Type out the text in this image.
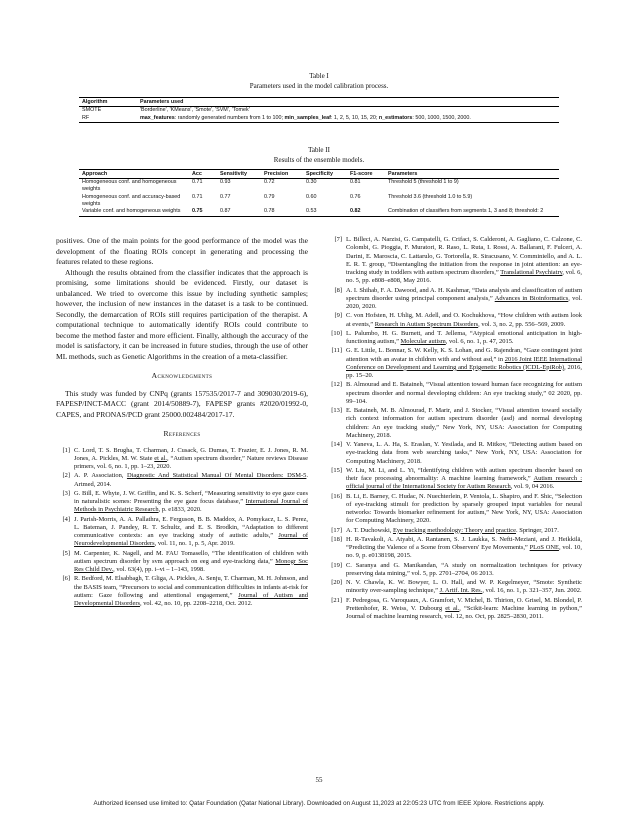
Table I
Parameters used in the model calibration process.
Algorithm	Parameters used
SMOTE	'Borderline', 'KMeans', 'Smote', 'SVM', 'Tomek'
RF	max_features: randomly generated numbers from 1 to 100; min_samples_leaf: 1, 2, 5, 10, 15, 20; n_estimators: 500, 1000, 1500, 2000.
Table II
Results of the ensemble models.
Approach	Acc	Sensitivity	Precision	Specificity	F1-score	Parameters
Homogeneous conf. and homogeneous weights	0.71	0.93	0.72	0.30	0.81	Threshold 5 (threshold 1 to 9)
Homogeneous conf. and accuracy-based weights	0.71	0.77	0.79	0.60	0.76	Threshold 3.6 (threshold 1.0 to 5.9)
Variable conf. and homogeneous weights	0.75	0.87	0.78	0.53	0.82	Combination of classifiers from segments 1, 3 and 8; threshold: 2

positives. One of the main points for the good performance of the model was the development of the floating ROIs concept in generating and processing the features related to these regions.

Although the results obtained from the classifier indicates that the approach is promising, some limitations should be evidenced. Firstly, our dataset is unbalanced. We tried to overcome this issue by including synthetic samples; however, the inclusion of new instances in the dataset is a task to be continued. Secondly, the demarcation of ROIs still requires participation of the therapist. A computational technique to automatically identify ROIs could contribute to become the method faster and more efficient. Finally, although the accuracy of the model is satisfactory, it can be increased in future studies, through the use of other ML methods, such as Genetic Algorithms in the creation of a meta-classifier.

Acknowledgments

This study was funded by CNPq (grants 157535/2017-7 and 309030/2019-6), FAPESP/INCT-MACC (grant 2014/50889-7), FAPESP grants #2020/01992-0, CAPES, and PRONAS/PCD grant 25000.002484/2017-17.

References
[1] C. Lord, T. S. Brugha, T. Charman, J. Cusack, G. Dumas, T. Frazier, E. J. Jones, R. M. Jones, A. Pickles, M. W. State et al., “Autism spectrum disorder,” Nature reviews Disease primers, vol. 6, no. 1, pp. 1–23, 2020.
[2] A. P. Association, Diagnostic And Statistical Manual Of Mental Disorders: DSM-5. Artmed, 2014.
[3] G. Bill, E. Whyte, J. W. Griffin, and K. S. Scherf, “Measuring sensitivity to eye gaze cues in naturalistic scenes: Presenting the eye gaze focus database,” International Journal of Methods in Psychiatric Research, p. e1833, 2020.
[4] J. Parish-Morris, A. A. Pallathra, E. Ferguson, B. B. Maddox, A. Pomykacz, L. S. Perez, L. Bateman, J. Pandey, R. T. Schultz, and E. S. Brodkin, “Adaptation to different communicative contexts: an eye tracking study of autistic adults,” Journal of Neurodevelopmental Disorders, vol. 11, no. 1, p. 5, Apr. 2019.
[5] M. Carpenter, K. Nagell, and M. FAU Tomasello, “The identification of children with autism spectrum disorder by svm approach on eeg and eye-tracking data,” Monogr Soc Res Child Dev., vol. 63(4), pp. i–vi – 1–143, 1998.
[6] R. Bedford, M. Elsabbagh, T. Gliga, A. Pickles, A. Senju, T. Charman, M. H. Johnson, and the BASIS team, “Precursors to social and communication difficulties in infants at-risk for autism: Gaze following and attentional engagement,” Journal of Autism and Developmental Disorders, vol. 42, no. 10, pp. 2208–2218, Oct. 2012.
[7] L. Billeci, A. Narzisi, G. Campatelli, G. Crifaci, S. Calderoni, A. Gagliano, C. Calzone, C. Colombi, G. Pioggia, F. Muratori, R. Raso, L. Ruta, I. Rossi, A. Ballarani, F. Fulceri, A. Darini, E. Maroscia, C. Lattarulo, G. Tortorella, R. Siracusano, V. Comminiello, and A. L. E. R. T. group, “Disentangling the initiation from the response in joint attention: an eye-tracking study in toddlers with autism spectrum disorders,” Translational Psychiatry, vol. 6, no. 5, pp. e808–e808, May 2016.
[8] A. I. Shihab, F. A. Dawood, and A. H. Kashmar, “Data analysis and classification of autism spectrum disorder using principal component analysis,” Advances in Bioinformatics, vol. 2020, 2020.
[9] C. von Hofsten, H. Uhlig, M. Adell, and O. Kochukhova, “How children with autism look at events,” Research in Autism Spectrum Disorders, vol. 3, no. 2, pp. 556–569, 2009.
[10] L. Palumbo, H. G. Burnett, and T. Jellema, “Atypical emotional anticipation in high-functioning autism,” Molecular autism, vol. 6, no. 1, p. 47, 2015.
[11] G. E. Little, L. Bonnar, S. W. Kelly, K. S. Lohan, and G. Rajendran, “Gaze contingent joint attention with an avatar in children with and without asd,” in 2016 Joint IEEE International Conference on Development and Learning and Epigenetic Robotics (ICDL-EpiRob), 2016, pp. 15–20.
[12] B. Almourad and E. Bataineh, “Visual attention toward human face recognizing for autism spectrum disorder and normal developing children: An eye tracking study,” 02 2020, pp. 99–104.
[13] E. Bataineh, M. B. Almourad, F. Marir, and J. Stocker, “Visual attention toward socially rich context information for autism spectrum disorder (asd) and normal developing children: An eye tracking study,” New York, NY, USA: Association for Computing Machinery, 2018.
[14] V. Yaneva, L. A. Ha, S. Eraslan, Y. Yesilada, and R. Mitkov, “Detecting autism based on eye-tracking data from web searching tasks,” New York, NY, USA: Association for Computing Machinery, 2018.
[15] W. Liu, M. Li, and L. Yi, “Identifying children with autism spectrum disorder based on their face processing abnormality: A machine learning framework,” Autism research : official journal of the International Society for Autism Research, vol. 9, 04 2016.
[16] B. Li, E. Barney, C. Hudac, N. Nuechterlein, P. Ventola, L. Shapiro, and F. Shic, “Selection of eye-tracking stimuli for prediction by sparsely grouped input variables for neural networks: Towards biomarker refinement for autism,” New York, NY, USA: Association for Computing Machinery, 2020.
[17] A. T. Duchowski, Eye tracking methodology: Theory and practice. Springer, 2017.
[18] H. R-Tavakoli, A. Atyabi, A. Rantanen, S. J. Laukka, S. Nefti-Meziani, and J. Heikkilä, “Predicting the Valence of a Scene from Observers' Eye Movements,” PLoS ONE, vol. 10, no. 9, p. e0138198, 2015.
[19] C. Saranya and G. Manikandan, “A study on normalization techniques for privacy preserving data mining,” vol. 5, pp. 2701–2704, 06 2013.
[20] N. V. Chawla, K. W. Bowyer, L. O. Hall, and W. P. Kegelmeyer, “Smote: Synthetic minority over-sampling technique,” J. Artif. Int. Res., vol. 16, no. 1, p. 321–357, Jun. 2002.
[21] F. Pedregosa, G. Varoquaux, A. Gramfort, V. Michel, B. Thirion, O. Grisel, M. Blondel, P. Prettenhofer, R. Weiss, V. Dubourg et al., “Scikit-learn: Machine learning in python,” Journal of machine learning research, vol. 12, no. Oct, pp. 2825–2830, 2011.
55
Authorized licensed use limited to: Qatar Foundation (Qatar National Library). Downloaded on August 11,2023 at 22:05:23 UTC from IEEE Xplore. Restrictions apply.
